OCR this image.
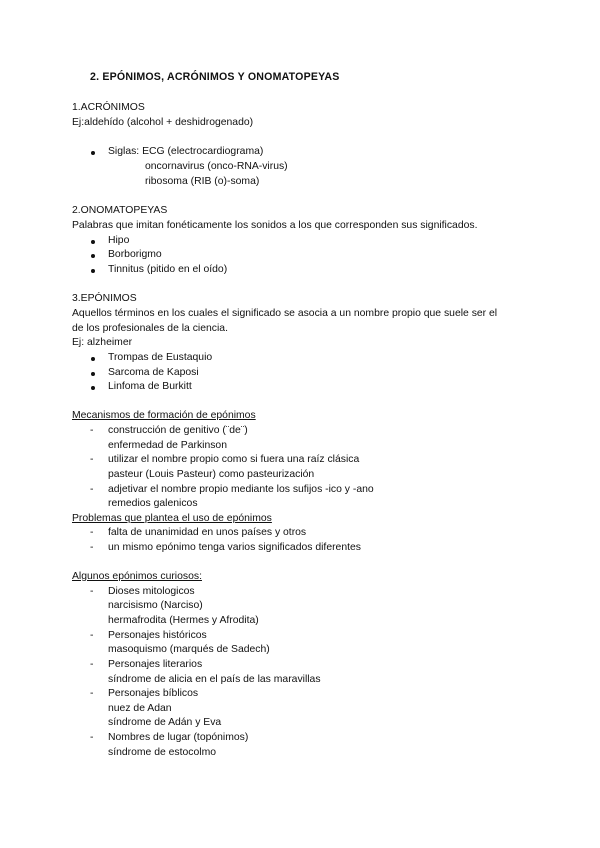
2. EPÓNIMOS, ACRÓNIMOS Y ONOMATOPEYAS
1.ACRÓNIMOS
Ej:aldehído (alcohol + deshidrogenado)
Siglas: ECG (electrocardiograma)
oncornavirus (onco-RNA-virus)
ribosoma (RIB (o)-soma)
2.ONOMATOPEYAS
Palabras que imitan fonéticamente los sonidos a los que corresponden sus significados.
Hipo
Borborigmo
Tinnitus (pitido en el oído)
3.EPÓNIMOS
Aquellos términos en los cuales el significado se asocia a un nombre propio que suele ser el
de los profesionales de la ciencia.
Ej: alzheimer
Trompas de Eustaquio
Sarcoma de Kaposi
Linfoma de Burkitt
Mecanismos de formación de epónimos
- construcción de genitivo (¨de¨)
enfermedad de Parkinson
- utilizar el nombre propio como si fuera una raíz clásica
pasteur (Louis Pasteur) como pasteurización
- adjetivar el nombre propio mediante los sufijos -ico y -ano
remedios galenicos
Problemas que plantea el uso de epónimos
- falta de unanimidad en unos países y otros
- un mismo epónimo tenga varios significados diferentes
Algunos epónimos curiosos:
- Dioses mitologicos
narcisismo (Narciso)
hermafrodita (Hermes y Afrodita)
- Personajes históricos
masoquismo (marqués de Sadech)
- Personajes literarios
síndrome de alicia en el país de las maravillas
- Personajes bíblicos
nuez de Adan
síndrome de Adán y Eva
- Nombres de lugar (topónimos)
síndrome de estocolmo
